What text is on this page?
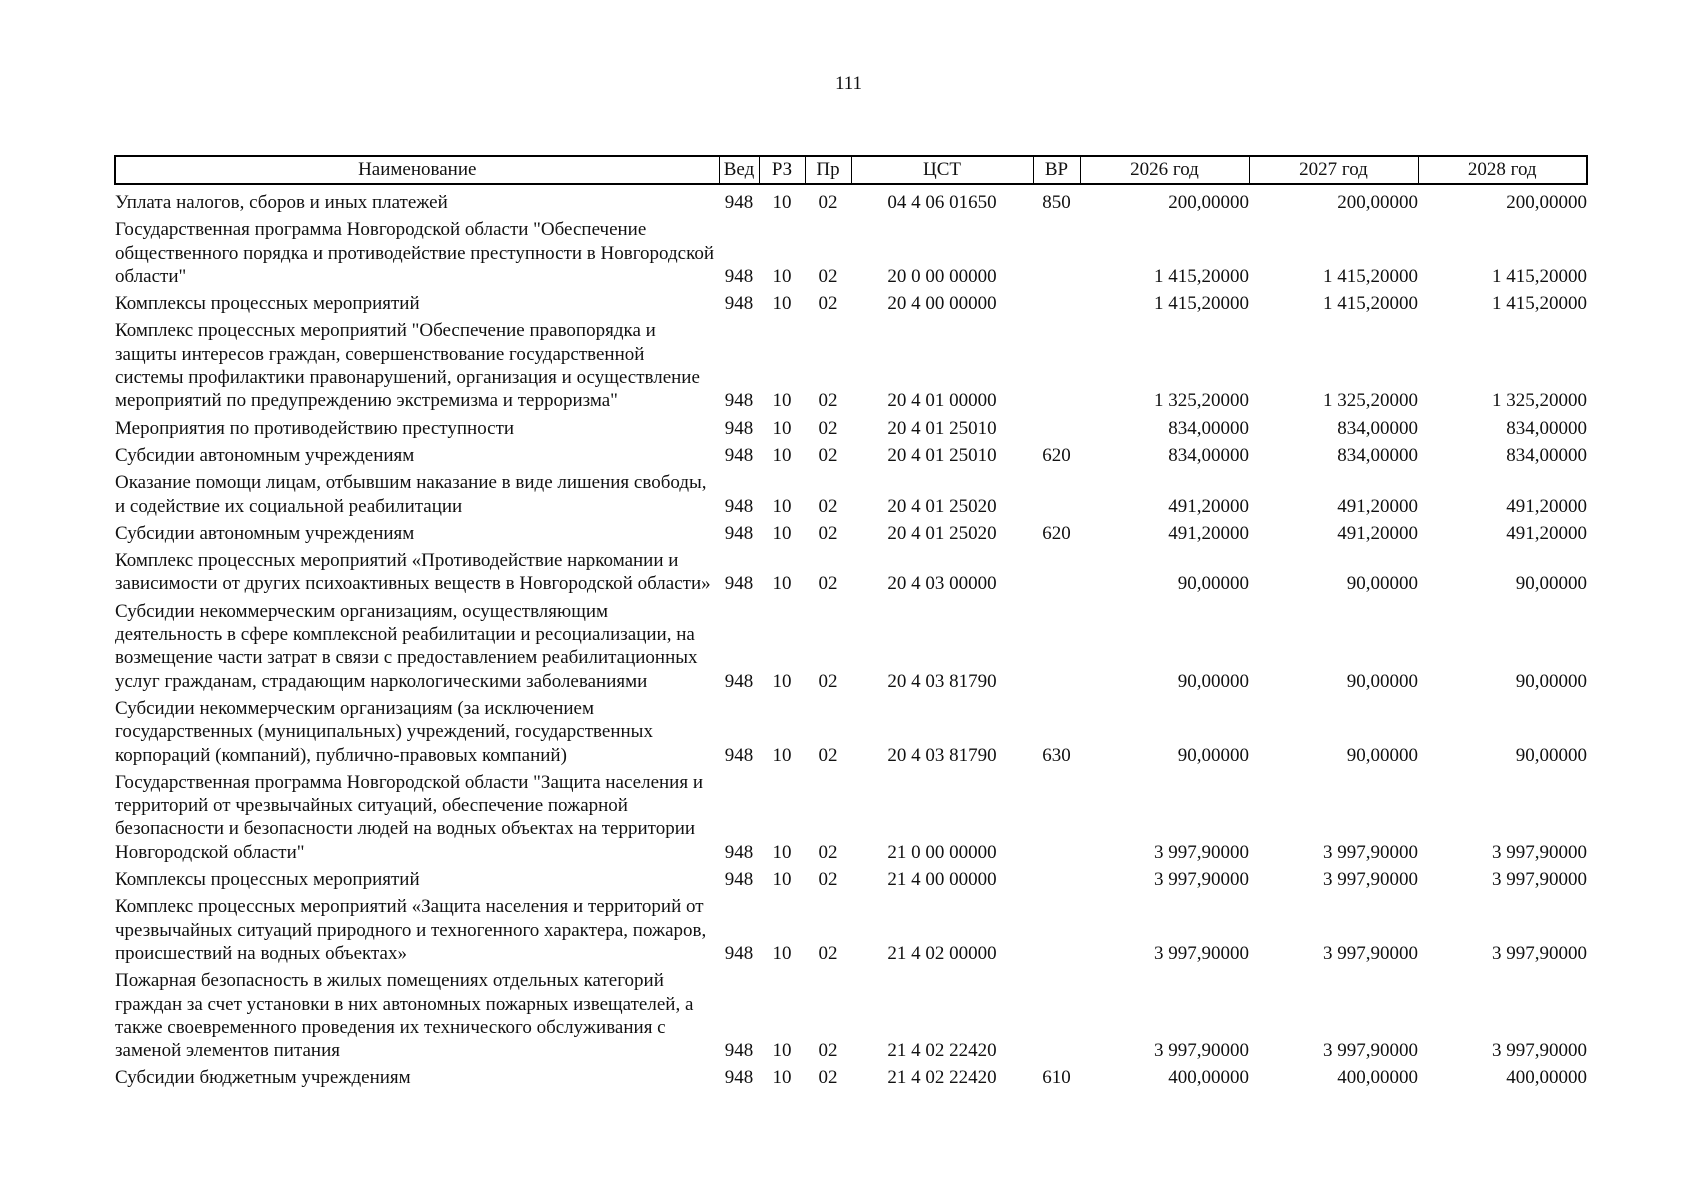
111
Наименование	Вед	РЗ	Пр	ЦСТ	ВР	2026 год	2027 год	2028 год
Уплата налогов, сборов и иных платежей	948	10	02	04 4 06 01650	850	200,00000	200,00000	200,00000
Государственная программа Новгородской области "Обеспечение общественного порядка и противодействие преступности в Новгородской области"	948	10	02	20 0 00 00000		1 415,20000	1 415,20000	1 415,20000
Комплексы процессных мероприятий	948	10	02	20 4 00 00000		1 415,20000	1 415,20000	1 415,20000
Комплекс процессных мероприятий "Обеспечение правопорядка и защиты интересов граждан, совершенствование государственной системы профилактики правонарушений, организация и осуществление мероприятий по предупреждению экстремизма и терроризма"	948	10	02	20 4 01 00000		1 325,20000	1 325,20000	1 325,20000
Мероприятия по противодействию преступности	948	10	02	20 4 01 25010		834,00000	834,00000	834,00000
Субсидии автономным учреждениям	948	10	02	20 4 01 25010	620	834,00000	834,00000	834,00000
Оказание помощи лицам, отбывшим наказание в виде лишения свободы, и содействие их социальной реабилитации	948	10	02	20 4 01 25020		491,20000	491,20000	491,20000
Субсидии автономным учреждениям	948	10	02	20 4 01 25020	620	491,20000	491,20000	491,20000
Комплекс процессных мероприятий «Противодействие наркомании и зависимости от других психоактивных веществ в Новгородской области»	948	10	02	20 4 03 00000		90,00000	90,00000	90,00000
Субсидии некоммерческим организациям, осуществляющим деятельность в сфере комплексной реабилитации и ресоциализации, на возмещение части затрат в связи с предоставлением реабилитационных услуг гражданам, страдающим наркологическими заболеваниями	948	10	02	20 4 03 81790		90,00000	90,00000	90,00000
Субсидии некоммерческим организациям (за исключением государственных (муниципальных) учреждений, государственных корпораций (компаний), публично-правовых компаний)	948	10	02	20 4 03 81790	630	90,00000	90,00000	90,00000
Государственная программа Новгородской области "Защита населения и территорий от чрезвычайных ситуаций, обеспечение пожарной безопасности и безопасности людей на водных объектах на территории Новгородской области"	948	10	02	21 0 00 00000		3 997,90000	3 997,90000	3 997,90000
Комплексы процессных мероприятий	948	10	02	21 4 00 00000		3 997,90000	3 997,90000	3 997,90000
Комплекс процессных мероприятий «Защита населения и территорий от чрезвычайных ситуаций природного и техногенного характера, пожаров, происшествий на водных объектах»	948	10	02	21 4 02 00000		3 997,90000	3 997,90000	3 997,90000
Пожарная безопасность в жилых помещениях отдельных категорий граждан за счет установки в них автономных пожарных извещателей, а также своевременного проведения их технического обслуживания с заменой элементов питания	948	10	02	21 4 02 22420		3 997,90000	3 997,90000	3 997,90000
Субсидии бюджетным учреждениям	948	10	02	21 4 02 22420	610	400,00000	400,00000	400,00000
